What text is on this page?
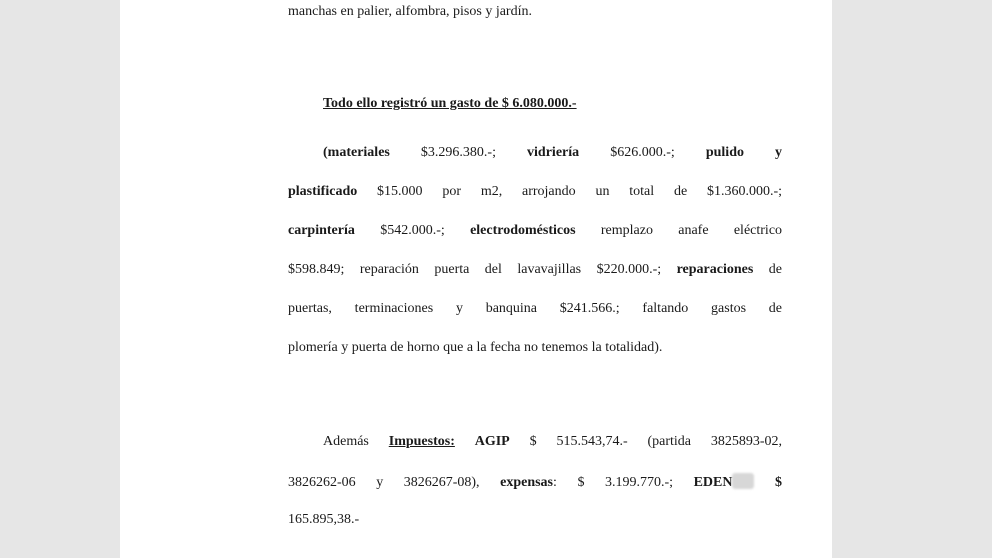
manchas en palier, alfombra, pisos y jardín.
Todo ello registró un gasto de $ 6.080.000.-
(materiales $3.296.380.-; vidriería $626.000.-; pulido y
plastificado $15.000 por m2, arrojando un total de $1.360.000.-;
carpintería $542.000.-; electrodomésticos remplazo anafe eléctrico
$598.849; reparación puerta del lavavajillas $220.000.-; reparaciones de
puertas, terminaciones y banquina $241.566.; faltando gastos de
plomería y puerta de horno que a la fecha no tenemos la totalidad).
Además Impuestos: AGIP $ 515.543,74.- (partida 3825893-02,
3826262-06 y 3826267-08), expensas: $ 3.199.770.-; EDEN	$
165.895,38.-
